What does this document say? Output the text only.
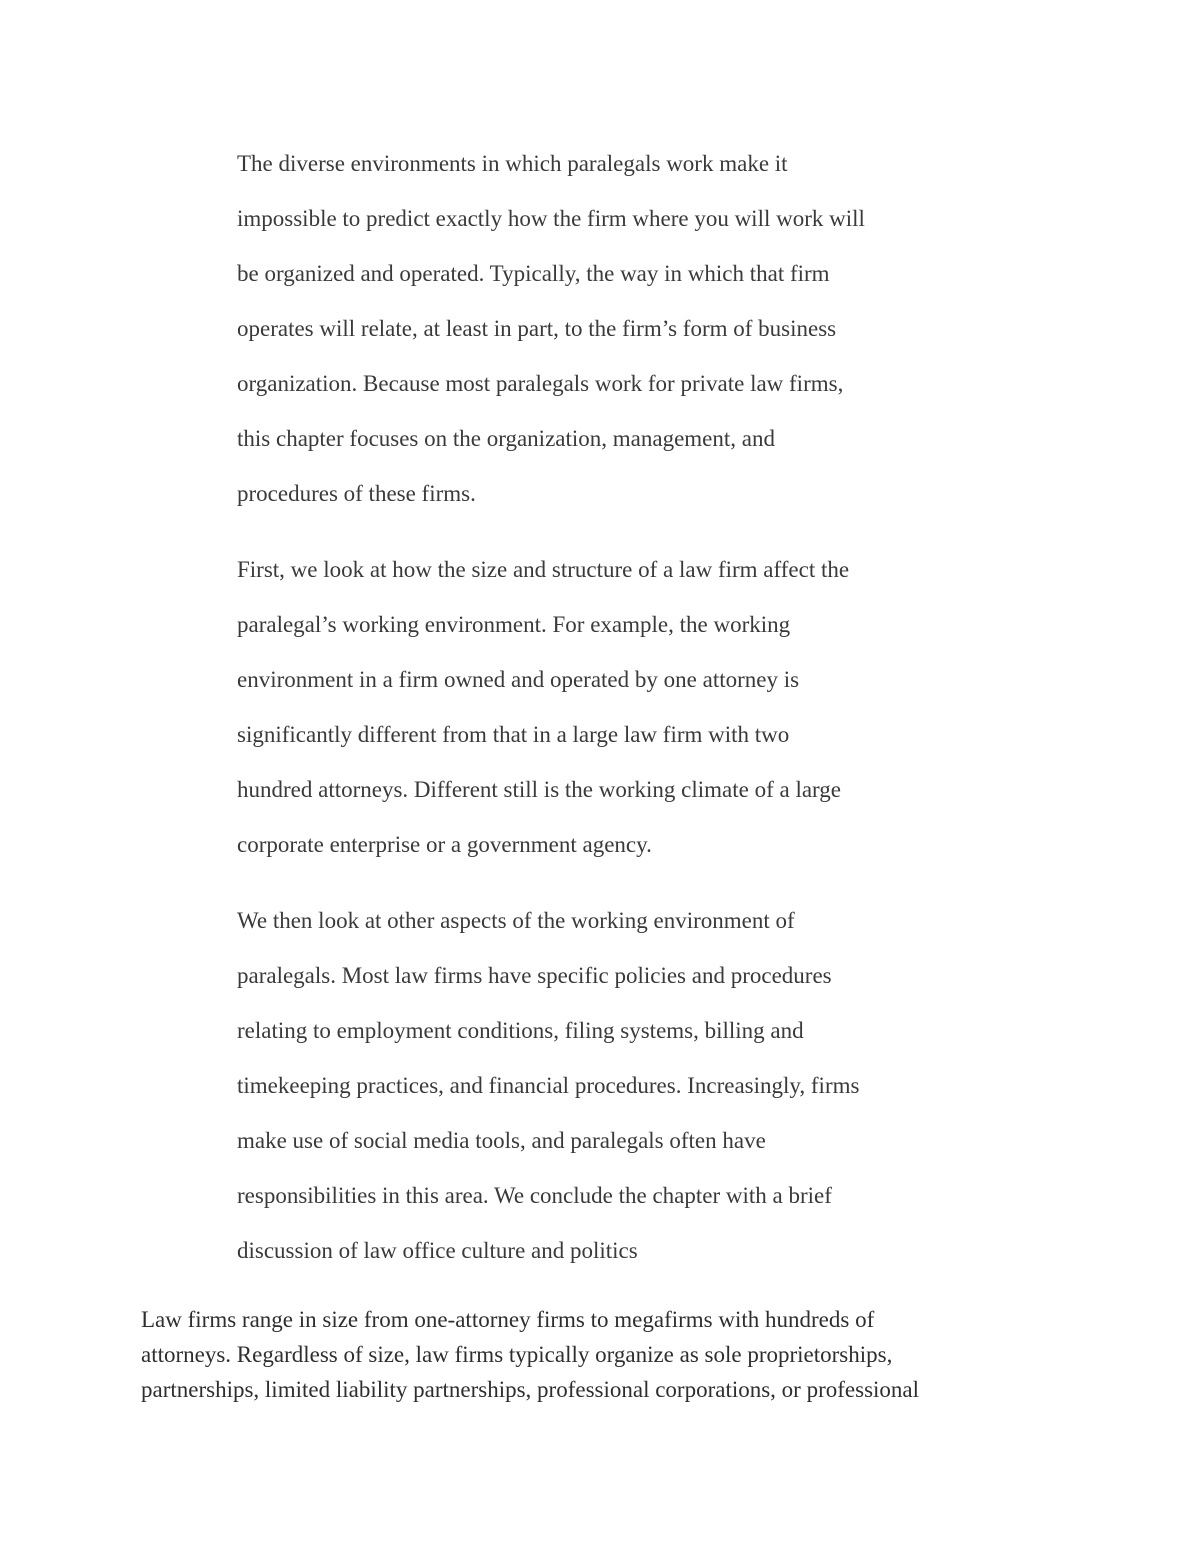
The diverse environments in which paralegals work make it
impossible to predict exactly how the firm where you will work will
be organized and operated. Typically, the way in which that firm
operates will relate, at least in part, to the firm’s form of business
organization. Because most paralegals work for private law firms,
this chapter focuses on the organization, management, and
procedures of these firms.

First, we look at how the size and structure of a law firm affect the
paralegal’s working environment. For example, the working
environment in a firm owned and operated by one attorney is
significantly different from that in a large law firm with two
hundred attorneys. Different still is the working climate of a large
corporate enterprise or a government agency.

We then look at other aspects of the working environment of
paralegals. Most law firms have specific policies and procedures
relating to employment conditions, filing systems, billing and
timekeeping practices, and financial procedures. Increasingly, firms
make use of social media tools, and paralegals often have
responsibilities in this area. We conclude the chapter with a brief
discussion of law office culture and politics

Law firms range in size from one-attorney firms to megafirms with hundreds of
attorneys. Regardless of size, law firms typically organize as sole proprietorships,
partnerships, limited liability partnerships, professional corporations, or professional
